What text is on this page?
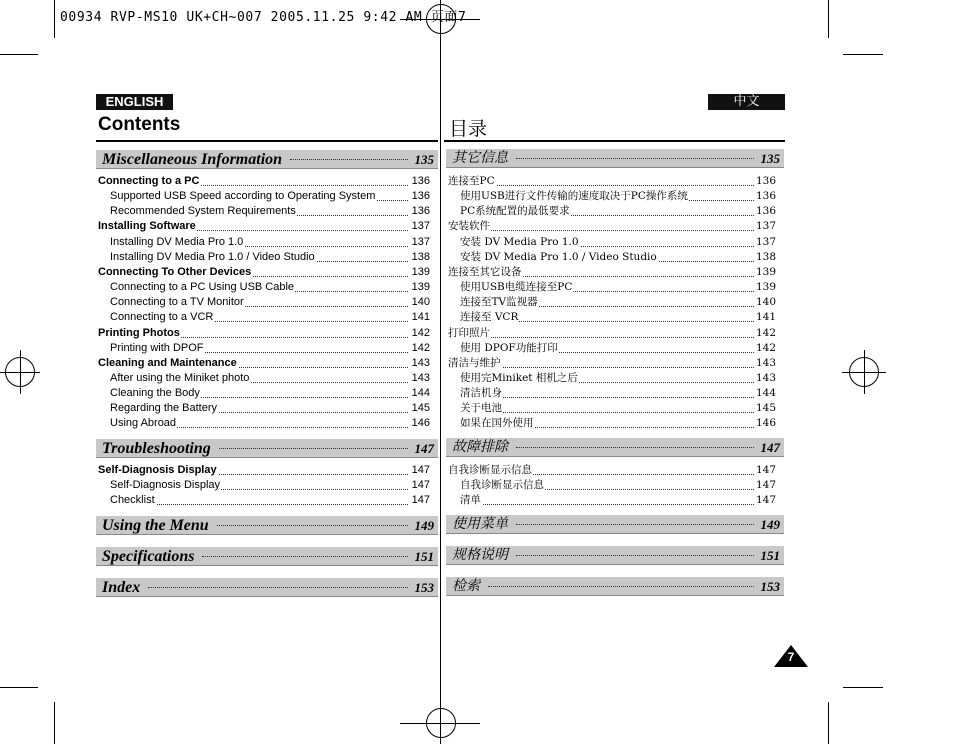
00934 RVP-MS10 UK+CH~007 2005.11.25 9:42 AM 页面7
ENGLISH	中文
Contents	目录
Miscellaneous Information	135
Connecting to a PC	136
Supported USB Speed according to Operating System	136
Recommended System Requirements	136
Installing Software	137
Installing DV Media Pro 1.0	137
Installing DV Media Pro 1.0 / Video Studio	138
Connecting To Other Devices	139
Connecting to a PC Using USB Cable	139
Connecting to a TV Monitor	140
Connecting to a VCR	141
Printing Photos	142
Printing with DPOF	142
Cleaning and Maintenance	143
After using the Miniket photo	143
Cleaning the Body	144
Regarding the Battery	145
Using Abroad	146
Troubleshooting	147
Self-Diagnosis Display	147
Self-Diagnosis Display	147
Checklist	147
Using the Menu	149
Specifications	151
Index	153
其它信息	135
连接至PC	136
使用USB进行文件传输的速度取决于PC操作系统	136
PC系统配置的最低要求	136
安装软件	137
安装 DV Media Pro 1.0	137
安装 DV Media Pro 1.0 / Video Studio	138
连接至其它设备	139
使用USB电缆连接至PC	139
连接至TV监视器	140
连接至 VCR	141
打印照片	142
使用 DPOF功能打印	142
清洁与维护	143
使用完Miniket 相机之后	143
清洁机身	144
关于电池	145
如果在国外使用	146
故障排除	147
自我诊断显示信息	147
自我诊断显示信息	147
清单	147
使用菜单	149
规格说明	151
检索	153
7
